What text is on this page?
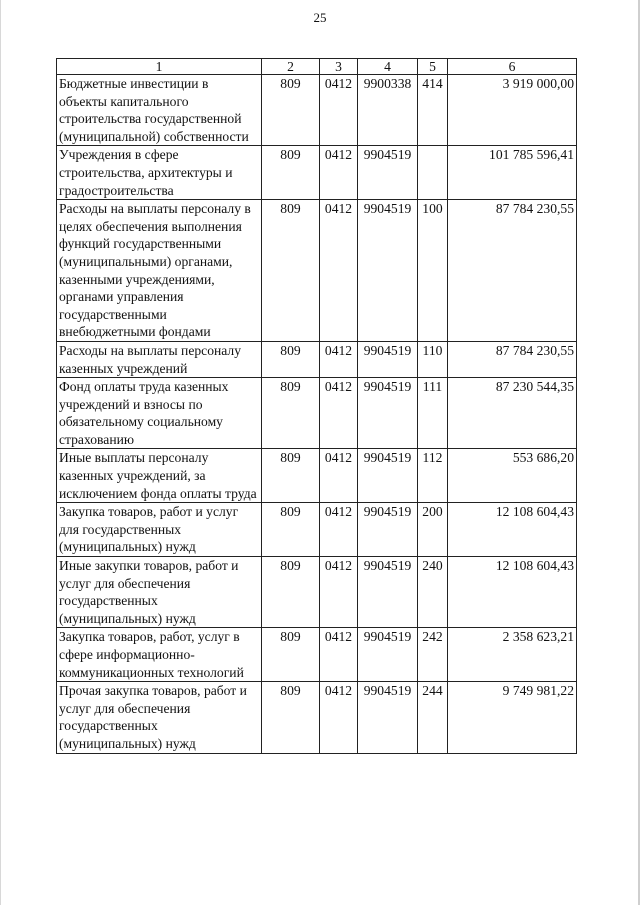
25
1	2	3	4	5	6
Бюджетные инвестиции в объекты капитального строительства государственной (муниципальной) собственности	809	0412	9900338	414	3 919 000,00
Учреждения в сфере строительства, архитектуры и градостроительства	809	0412	9904519		101 785 596,41
Расходы на выплаты персоналу в целях обеспечения выполнения функций государственными (муниципальными) органами, казенными учреждениями, органами управления государственными внебюджетными фондами	809	0412	9904519	100	87 784 230,55
Расходы на выплаты персоналу казенных учреждений	809	0412	9904519	110	87 784 230,55
Фонд оплаты труда казенных учреждений и взносы по обязательному социальному страхованию	809	0412	9904519	111	87 230 544,35
Иные выплаты персоналу казенных учреждений, за исключением фонда оплаты труда	809	0412	9904519	112	553 686,20
Закупка товаров, работ и услуг для государственных (муниципальных) нужд	809	0412	9904519	200	12 108 604,43
Иные закупки товаров, работ и услуг для обеспечения государственных (муниципальных) нужд	809	0412	9904519	240	12 108 604,43
Закупка товаров, работ, услуг в сфере информационно-коммуникационных технологий	809	0412	9904519	242	2 358 623,21
Прочая закупка товаров, работ и услуг для обеспечения государственных (муниципальных) нужд	809	0412	9904519	244	9 749 981,22
